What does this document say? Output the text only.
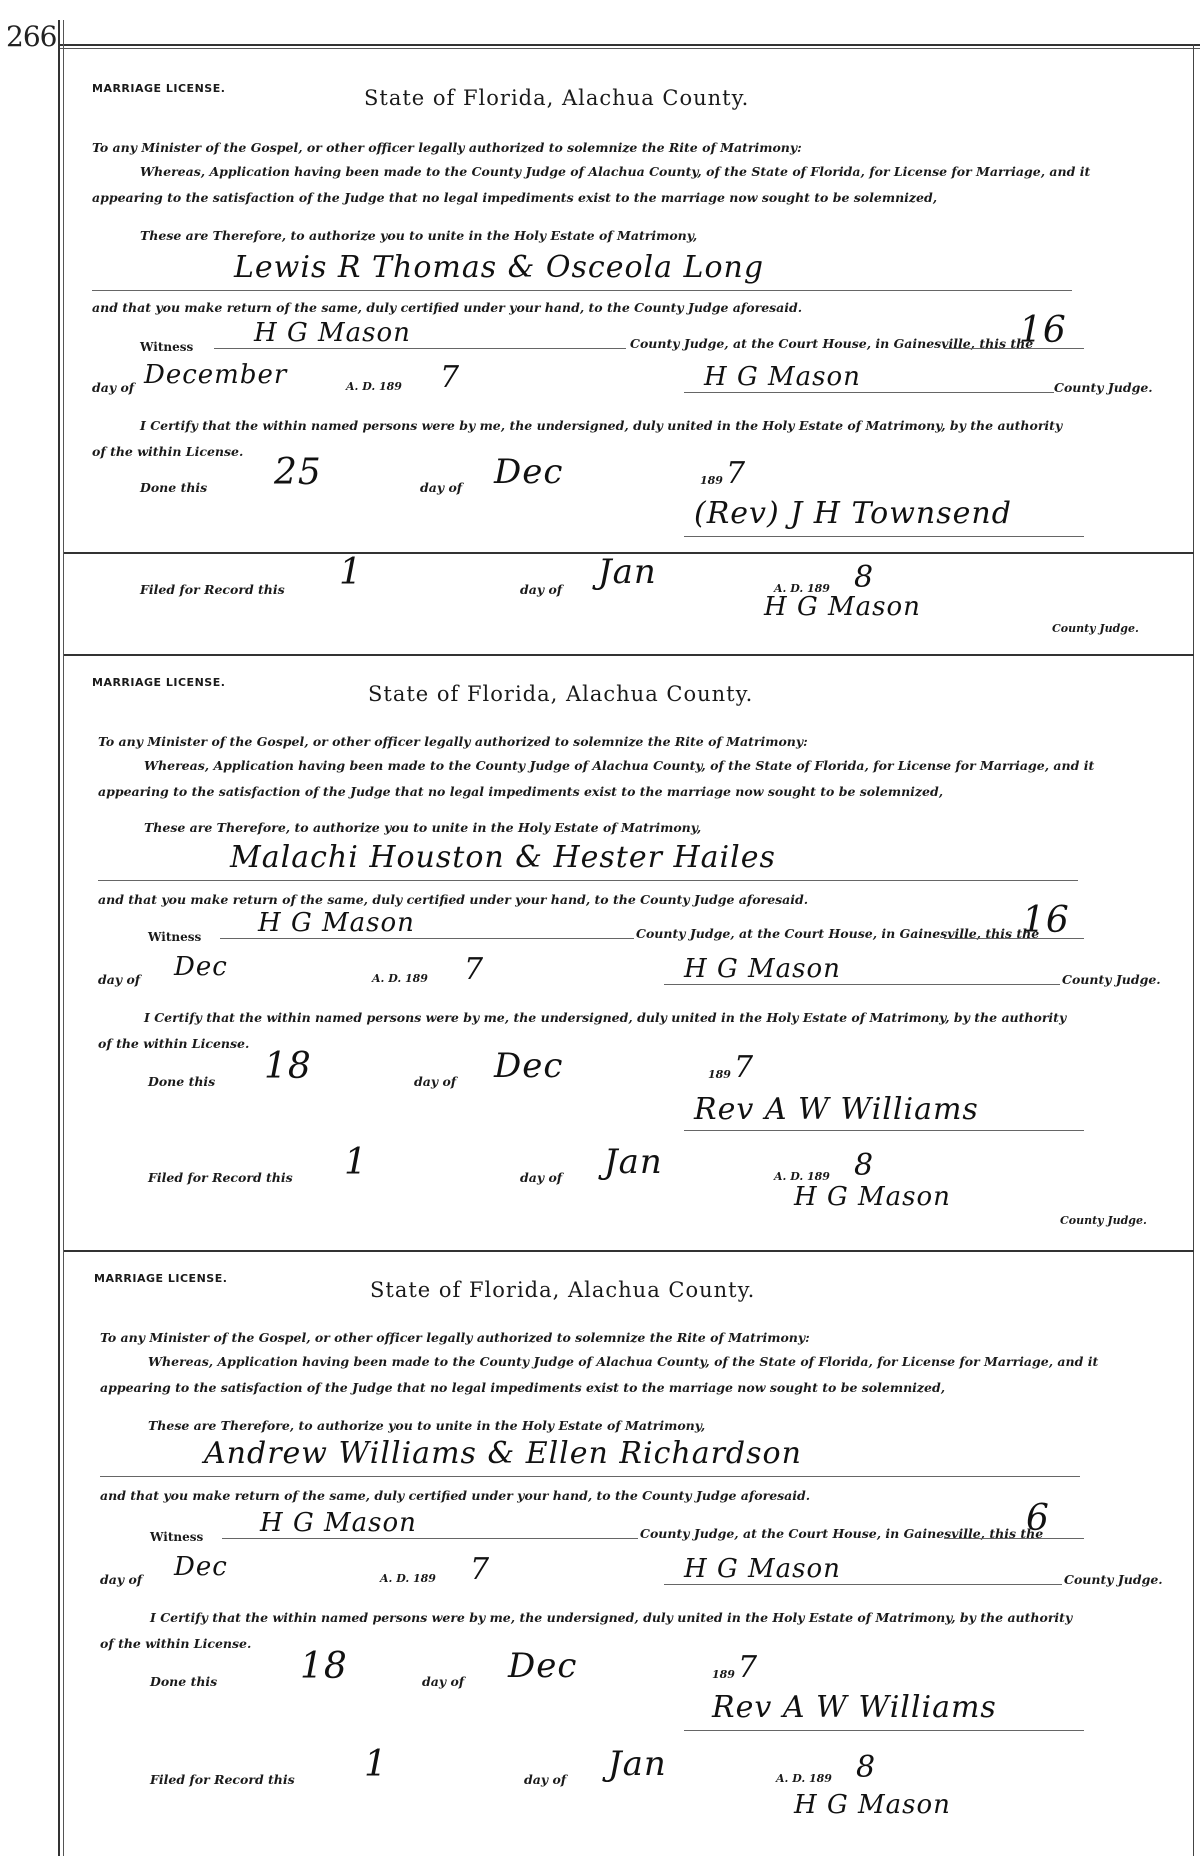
266
MARRIAGE LICENSE.	State of Florida, Alachua County.
To any Minister of the Gospel, or other officer legally authorized to solemnize the Rite of Matrimony:
Whereas, Application having been made to the County Judge of Alachua County, of the State of Florida, for License for Marriage, and it
appearing to the satisfaction of the Judge that no legal impediments exist to the marriage now sought to be solemnized,
These are Therefore, to authorize you to unite in the Holy Estate of Matrimony,
Lewis R Thomas & Osceola Long
and that you make return of the same, duly certified under your hand, to the County Judge aforesaid.
Witness H G Mason	County Judge, at the Court House, in Gainesville, this the
16
day of December	A. D. 189 7	H G Mason	County Judge.
I Certify that the within named persons were by me, the undersigned, duly united in the Holy Estate of Matrimony, by the authority
of the within License.
Done this 25	day of Dec	189 7
(Rev) J H Townsend
Filed for Record this 1	day of Jan	A. D. 189 8
H G Mason
County Judge.
MARRIAGE LICENSE.	State of Florida, Alachua County.
To any Minister of the Gospel, or other officer legally authorized to solemnize the Rite of Matrimony:
Whereas, Application having been made to the County Judge of Alachua County, of the State of Florida, for License for Marriage, and it
appearing to the satisfaction of the Judge that no legal impediments exist to the marriage now sought to be solemnized,
These are Therefore, to authorize you to unite in the Holy Estate of Matrimony,
Malachi Houston & Hester Hailes
and that you make return of the same, duly certified under your hand, to the County Judge aforesaid.
Witness H G Mason	County Judge, at the Court House, in Gainesville, this the
16
day of Dec	A. D. 189 7	H G Mason	County Judge.
I Certify that the within named persons were by me, the undersigned, duly united in the Holy Estate of Matrimony, by the authority
of the within License.
Done this 18	day of Dec	189 7
Rev A W Williams
Filed for Record this 1	day of Jan	A. D. 189 8
H G Mason
County Judge.
MARRIAGE LICENSE.	State of Florida, Alachua County.
To any Minister of the Gospel, or other officer legally authorized to solemnize the Rite of Matrimony:
Whereas, Application having been made to the County Judge of Alachua County, of the State of Florida, for License for Marriage, and it
appearing to the satisfaction of the Judge that no legal impediments exist to the marriage now sought to be solemnized,
These are Therefore, to authorize you to unite in the Holy Estate of Matrimony,
Andrew Williams & Ellen Richardson
and that you make return of the same, duly certified under your hand, to the County Judge aforesaid.
Witness H G Mason	County Judge, at the Court House, in Gainesville, this the
6
day of Dec	A. D. 189 7	H G Mason	County Judge.
I Certify that the within named persons were by me, the undersigned, duly united in the Holy Estate of Matrimony, by the authority
of the within License.
Done this 18	day of Dec	189 7
Rev A W Williams
Filed for Record this 1	day of Jan	A. D. 189 8
H G Mason
